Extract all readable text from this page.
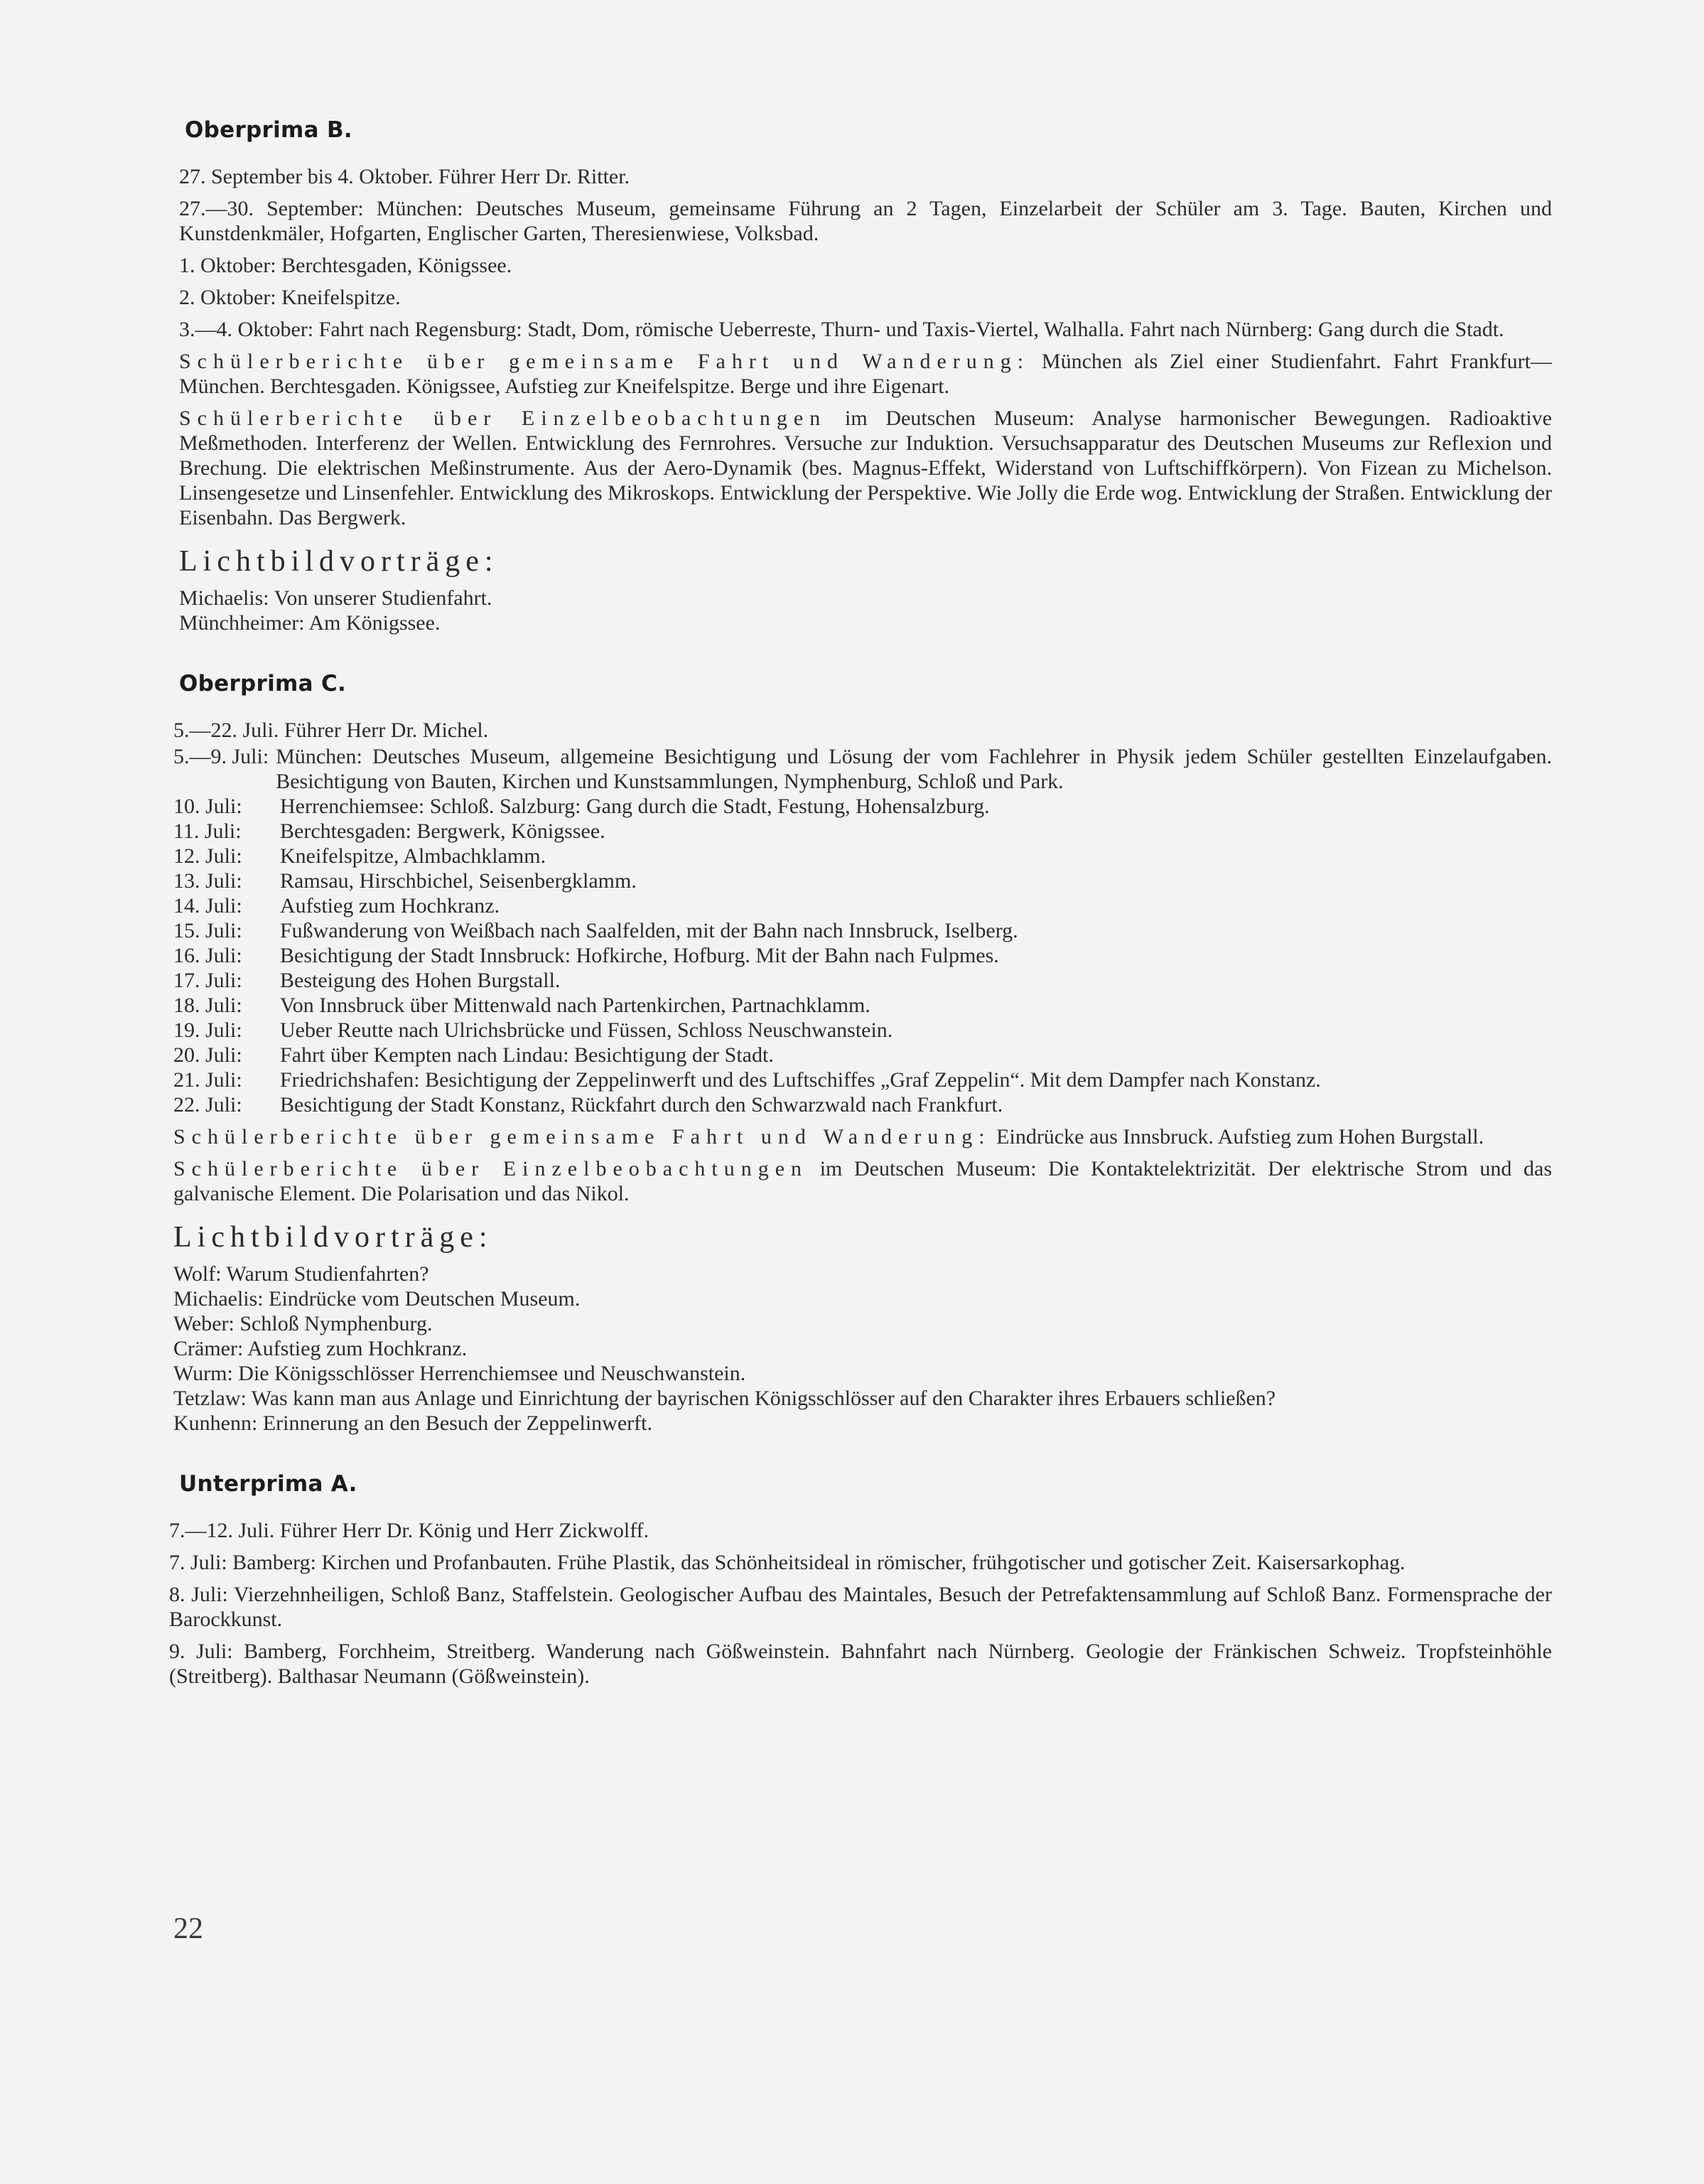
Oberprima B.

27. September bis 4. Oktober. Führer Herr Dr. Ritter.

27.—30. September: München: Deutsches Museum, gemeinsame Führung an 2 Tagen, Einzelarbeit der Schüler am 3. Tage. Bauten, Kirchen und Kunstdenkmäler, Hofgarten, Englischer Garten, Theresienwiese, Volksbad.

1. Oktober: Berchtesgaden, Königssee.

2. Oktober: Kneifelspitze.

3.—4. Oktober: Fahrt nach Regensburg: Stadt, Dom, römische Ueberreste, Thurn- und Taxis-Viertel, Walhalla. Fahrt nach Nürnberg: Gang durch die Stadt.

Schülerberichte über gemeinsame Fahrt und Wanderung: München als Ziel einer Studienfahrt. Fahrt Frankfurt—München. Berchtesgaden. Königssee, Aufstieg zur Kneifelspitze. Berge und ihre Eigenart.

Schülerberichte über Einzelbeobachtungen im Deutschen Museum: Analyse harmonischer Bewegungen. Radioaktive Meßmethoden. Interferenz der Wellen. Entwicklung des Fernrohres. Versuche zur Induktion. Versuchsapparatur des Deutschen Museums zur Reflexion und Brechung. Die elektrischen Meßinstrumente. Aus der Aero-Dynamik (bes. Magnus-Effekt, Widerstand von Luftschiffkörpern). Von Fizean zu Michelson. Linsengesetze und Linsenfehler. Entwicklung des Mikroskops. Entwicklung der Perspektive. Wie Jolly die Erde wog. Entwicklung der Straßen. Entwicklung der Eisenbahn. Das Bergwerk.

Lichtbildvorträge:

Michaelis: Von unserer Studienfahrt.

Münchheimer: Am Königssee.

Oberprima C.

5.—22. Juli. Führer Herr Dr. Michel.

5.—9. Juli: München: Deutsches Museum, allgemeine Besichtigung und Lösung der vom Fachlehrer in Physik jedem Schüler gestellten Einzelaufgaben. Besichtigung von Bauten, Kirchen und Kunstsammlungen, Nymphenburg, Schloß und Park.
10. Juli:	Herrenchiemsee: Schloß. Salzburg: Gang durch die Stadt, Festung, Hohensalzburg.
11. Juli:	Berchtesgaden: Bergwerk, Königssee.
12. Juli:	Kneifelspitze, Almbachklamm.
13. Juli:	Ramsau, Hirschbichel, Seisenbergklamm.
14. Juli:	Aufstieg zum Hochkranz.
15. Juli:	Fußwanderung von Weißbach nach Saalfelden, mit der Bahn nach Innsbruck, Iselberg.
16. Juli:	Besichtigung der Stadt Innsbruck: Hofkirche, Hofburg. Mit der Bahn nach Fulpmes.
17. Juli:	Besteigung des Hohen Burgstall.
18. Juli:	Von Innsbruck über Mittenwald nach Partenkirchen, Partnachklamm.
19. Juli:	Ueber Reutte nach Ulrichsbrücke und Füssen, Schloss Neuschwanstein.
20. Juli:	Fahrt über Kempten nach Lindau: Besichtigung der Stadt.
21. Juli:	Friedrichshafen: Besichtigung der Zeppelinwerft und des Luftschiffes „Graf Zeppelin“. Mit dem Dampfer nach Konstanz.
22. Juli:	Besichtigung der Stadt Konstanz, Rückfahrt durch den Schwarzwald nach Frankfurt.

Schülerberichte über gemeinsame Fahrt und Wanderung: Eindrücke aus Innsbruck. Aufstieg zum Hohen Burgstall.

Schülerberichte über Einzelbeobachtungen im Deutschen Museum: Die Kontaktelektrizität. Der elektrische Strom und das galvanische Element. Die Polarisation und das Nikol.

Lichtbildvorträge:

Wolf: Warum Studienfahrten?

Michaelis: Eindrücke vom Deutschen Museum.

Weber: Schloß Nymphenburg.

Crämer: Aufstieg zum Hochkranz.

Wurm: Die Königsschlösser Herrenchiemsee und Neuschwanstein.

Tetzlaw: Was kann man aus Anlage und Einrichtung der bayrischen Königsschlösser auf den Charakter ihres Erbauers schließen?

Kunhenn: Erinnerung an den Besuch der Zeppelinwerft.

Unterprima A.

7.—12. Juli. Führer Herr Dr. König und Herr Zickwolff.

7. Juli: Bamberg: Kirchen und Profanbauten. Frühe Plastik, das Schönheitsideal in römischer, frühgotischer und gotischer Zeit. Kaisersarkophag.

8. Juli: Vierzehnheiligen, Schloß Banz, Staffelstein. Geologischer Aufbau des Maintales, Besuch der Petrefaktensammlung auf Schloß Banz. Formensprache der Barockkunst.

9. Juli: Bamberg, Forchheim, Streitberg. Wanderung nach Gößweinstein. Bahnfahrt nach Nürnberg. Geologie der Fränkischen Schweiz. Tropfsteinhöhle (Streitberg). Balthasar Neumann (Gößweinstein).

22
